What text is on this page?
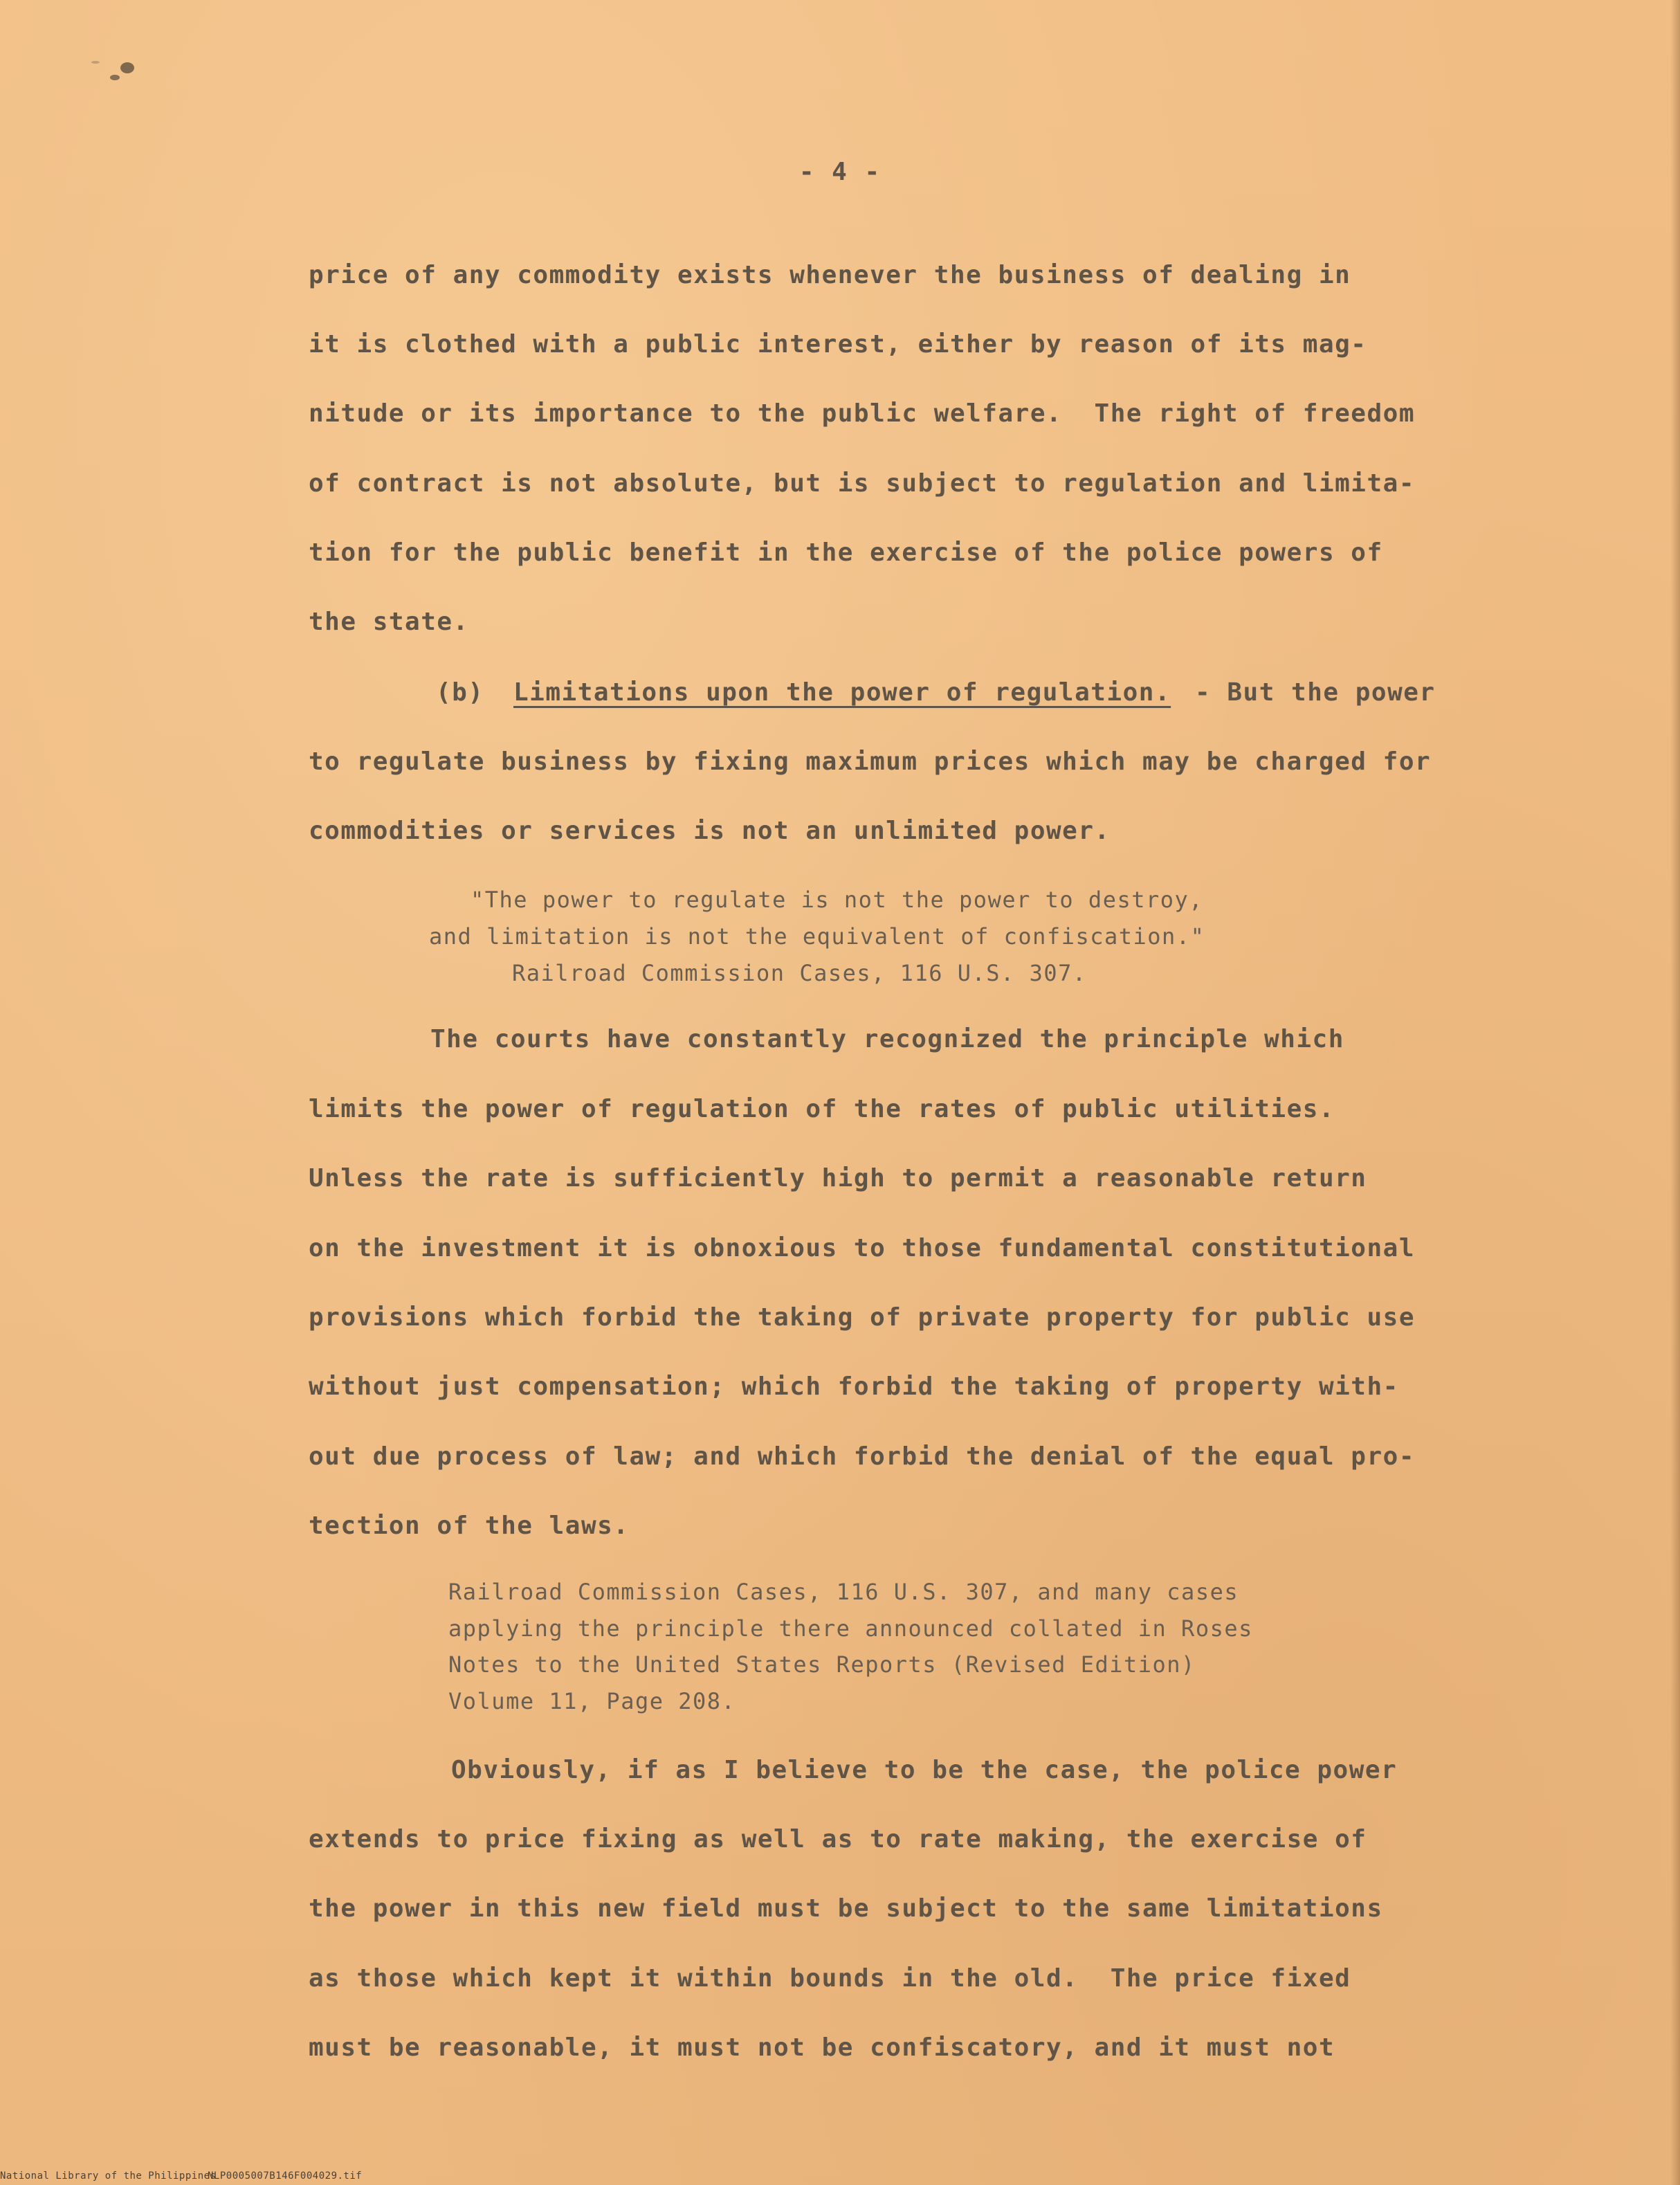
- 4 -
price of any commodity exists whenever the business of dealing in
it is clothed with a public interest, either by reason of its mag-
nitude or its importance to the public welfare.  The right of freedom
of contract is not absolute, but is subject to regulation and limita-
tion for the public benefit in the exercise of the police powers of
the state.
(b) Limitations upon the power of regulation. - But the power
to regulate business by fixing maximum prices which may be charged for
commodities or services is not an unlimited power.
"The power to regulate is not the power to destroy,
and limitation is not the equivalent of confiscation."
Railroad Commission Cases, 116 U.S. 307.
The courts have constantly recognized the principle which
limits the power of regulation of the rates of public utilities.
Unless the rate is sufficiently high to permit a reasonable return
on the investment it is obnoxious to those fundamental constitutional
provisions which forbid the taking of private property for public use
without just compensation; which forbid the taking of property with-
out due process of law; and which forbid the denial of the equal pro-
tection of the laws.
Railroad Commission Cases, 116 U.S. 307, and many cases
applying the principle there announced collated in Roses
Notes to the United States Reports (Revised Edition)
Volume 11, Page 208.
Obviously, if as I believe to be the case, the police power
extends to price fixing as well as to rate making, the exercise of
the power in this new field must be subject to the same limitations
as those which kept it within bounds in the old.  The price fixed
must be reasonable, it must not be confiscatory, and it must not
National Library of the Philippines
NLP0005007B146F004029.tif
